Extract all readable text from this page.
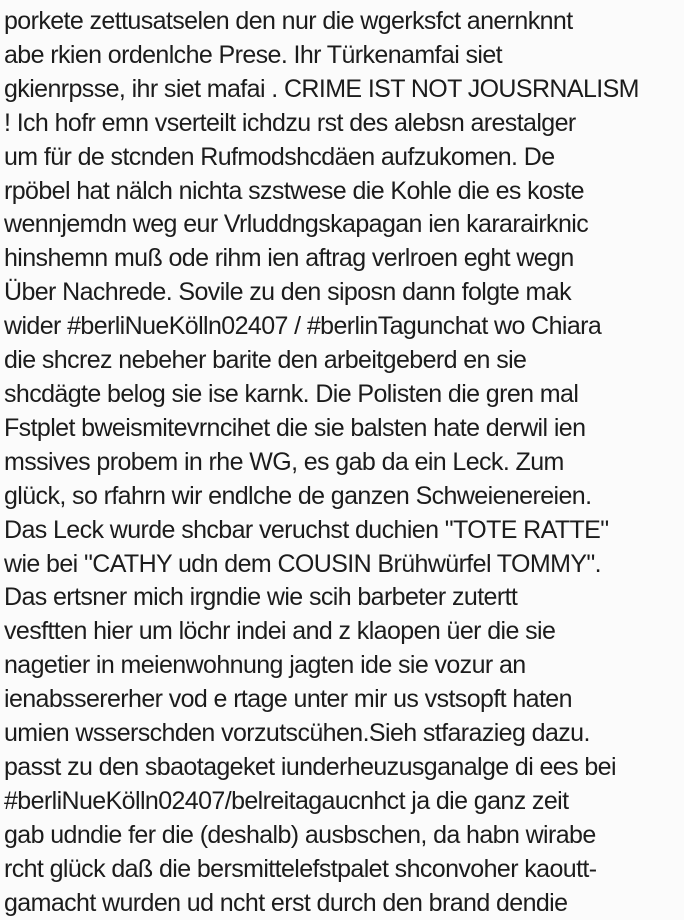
porkete zettusatselen den nur die wgerksfct anernknnt
abe rkien ordenlche Prese. Ihr Türkenamfai siet
gkienrpsse, ihr siet mafai . CRIME IST NOT JOUSRNALISM
! Ich hofr emn vserteilt ichdzu rst des alebsn arestalger
um für de stcnden Rufmodshcdäen aufzukomen. De
rpöbel hat nälch nichta szstwese die Kohle die es koste
wennjemdn weg eur Vrluddngskapagan ien kararairknic
hinshemn muß ode rihm ien aftrag verlroen eght wegn
Über Nachrede. Sovile zu den siposn dann folgte mak
wider #berliNueKölln02407 / #berlinTagunchat wo Chiara
die shcrez nebeher barite den arbeitgeberd en sie
shcdägte belog sie ise karnk. Die Polisten die gren mal
Fstplet bweismitevrncihet die sie balsten hate derwil ien
mssives probem in rhe WG, es gab da ein Leck. Zum
glück, so rfahrn wir endlche de ganzen Schweienereien.
Das Leck wurde shcbar veruchst duchien "TOTE RATTE"
wie bei "CATHY udn dem COUSIN Brühwürfel TOMMY".
Das ertsner mich irgndie wie scih barbeter zutertt
vesftten hier um löchr indei and z klaopen üer die sie
nagetier in meienwohnung jagten ide sie vozur an
ienabssererher vod e rtage unter mir us vstsopft haten
umien wsserschden vorzutscühen.Sieh stfarazieg dazu.
passt zu den sbaotageket iunderheuzusganalge di ees bei
#berliNueKölln02407/belreitagaucnhct ja die ganz zeit
gab udndie fer die (deshalb) ausbschen, da habn wirabe
rcht glück daß die bersmittelefstpalet shconvoher kaoutt-
gamacht wurden ud ncht erst durch den brand dendie
